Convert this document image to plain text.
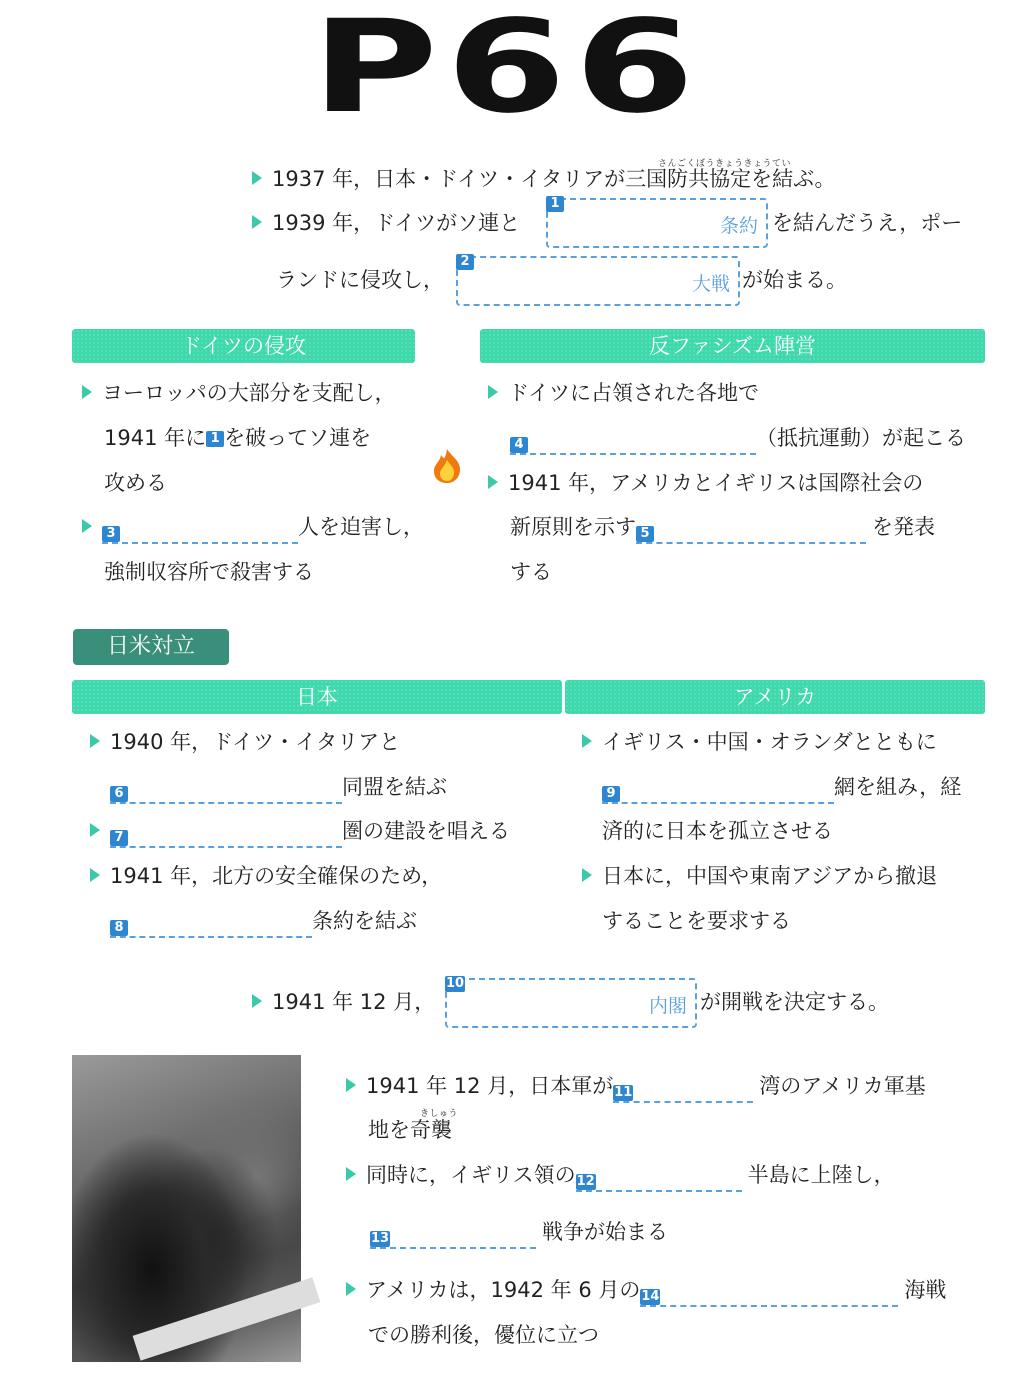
P66
さんごくぼうきょうきょうてい
1937 年，日本・ドイツ・イタリアが三国防共協定を結ぶ。
1939 年，ドイツがソ連と
1
条約 を結んだうえ，ポー
ランドに侵攻し，
2
大戦 が始まる。
ドイツの侵攻	反ファシズム陣営
ヨーロッパの大部分を支配し，
1941 年に 1 を破ってソ連を
攻める
3	人を迫害し，
強制収容所で殺害する
ドイツに占領された各地で
4	（抵抗運動）が起こる
1941 年，アメリカとイギリスは国際社会の
新原則を示す 5	を発表
する
日米対立
日本	アメリカ
1940 年，ドイツ・イタリアと
6	同盟を結ぶ
7	圏の建設を唱える
1941 年，北方の安全確保のため，
8	条約を結ぶ
イギリス・中国・オランダとともに
9	網を組み，経
済的に日本を孤立させる
日本に，中国や東南アジアから撤退
することを要求する
1941 年 12 月，
10
内閣 が開戦を決定する。
1941 年 12 月，日本軍が11	湾のアメリカ軍基
きしゅう
地を奇襲
同時に，イギリス領の12	半島に上陸し，
13	戦争が始まる
アメリカは，1942 年 6 月の14	海戦
での勝利後，優位に立つ
